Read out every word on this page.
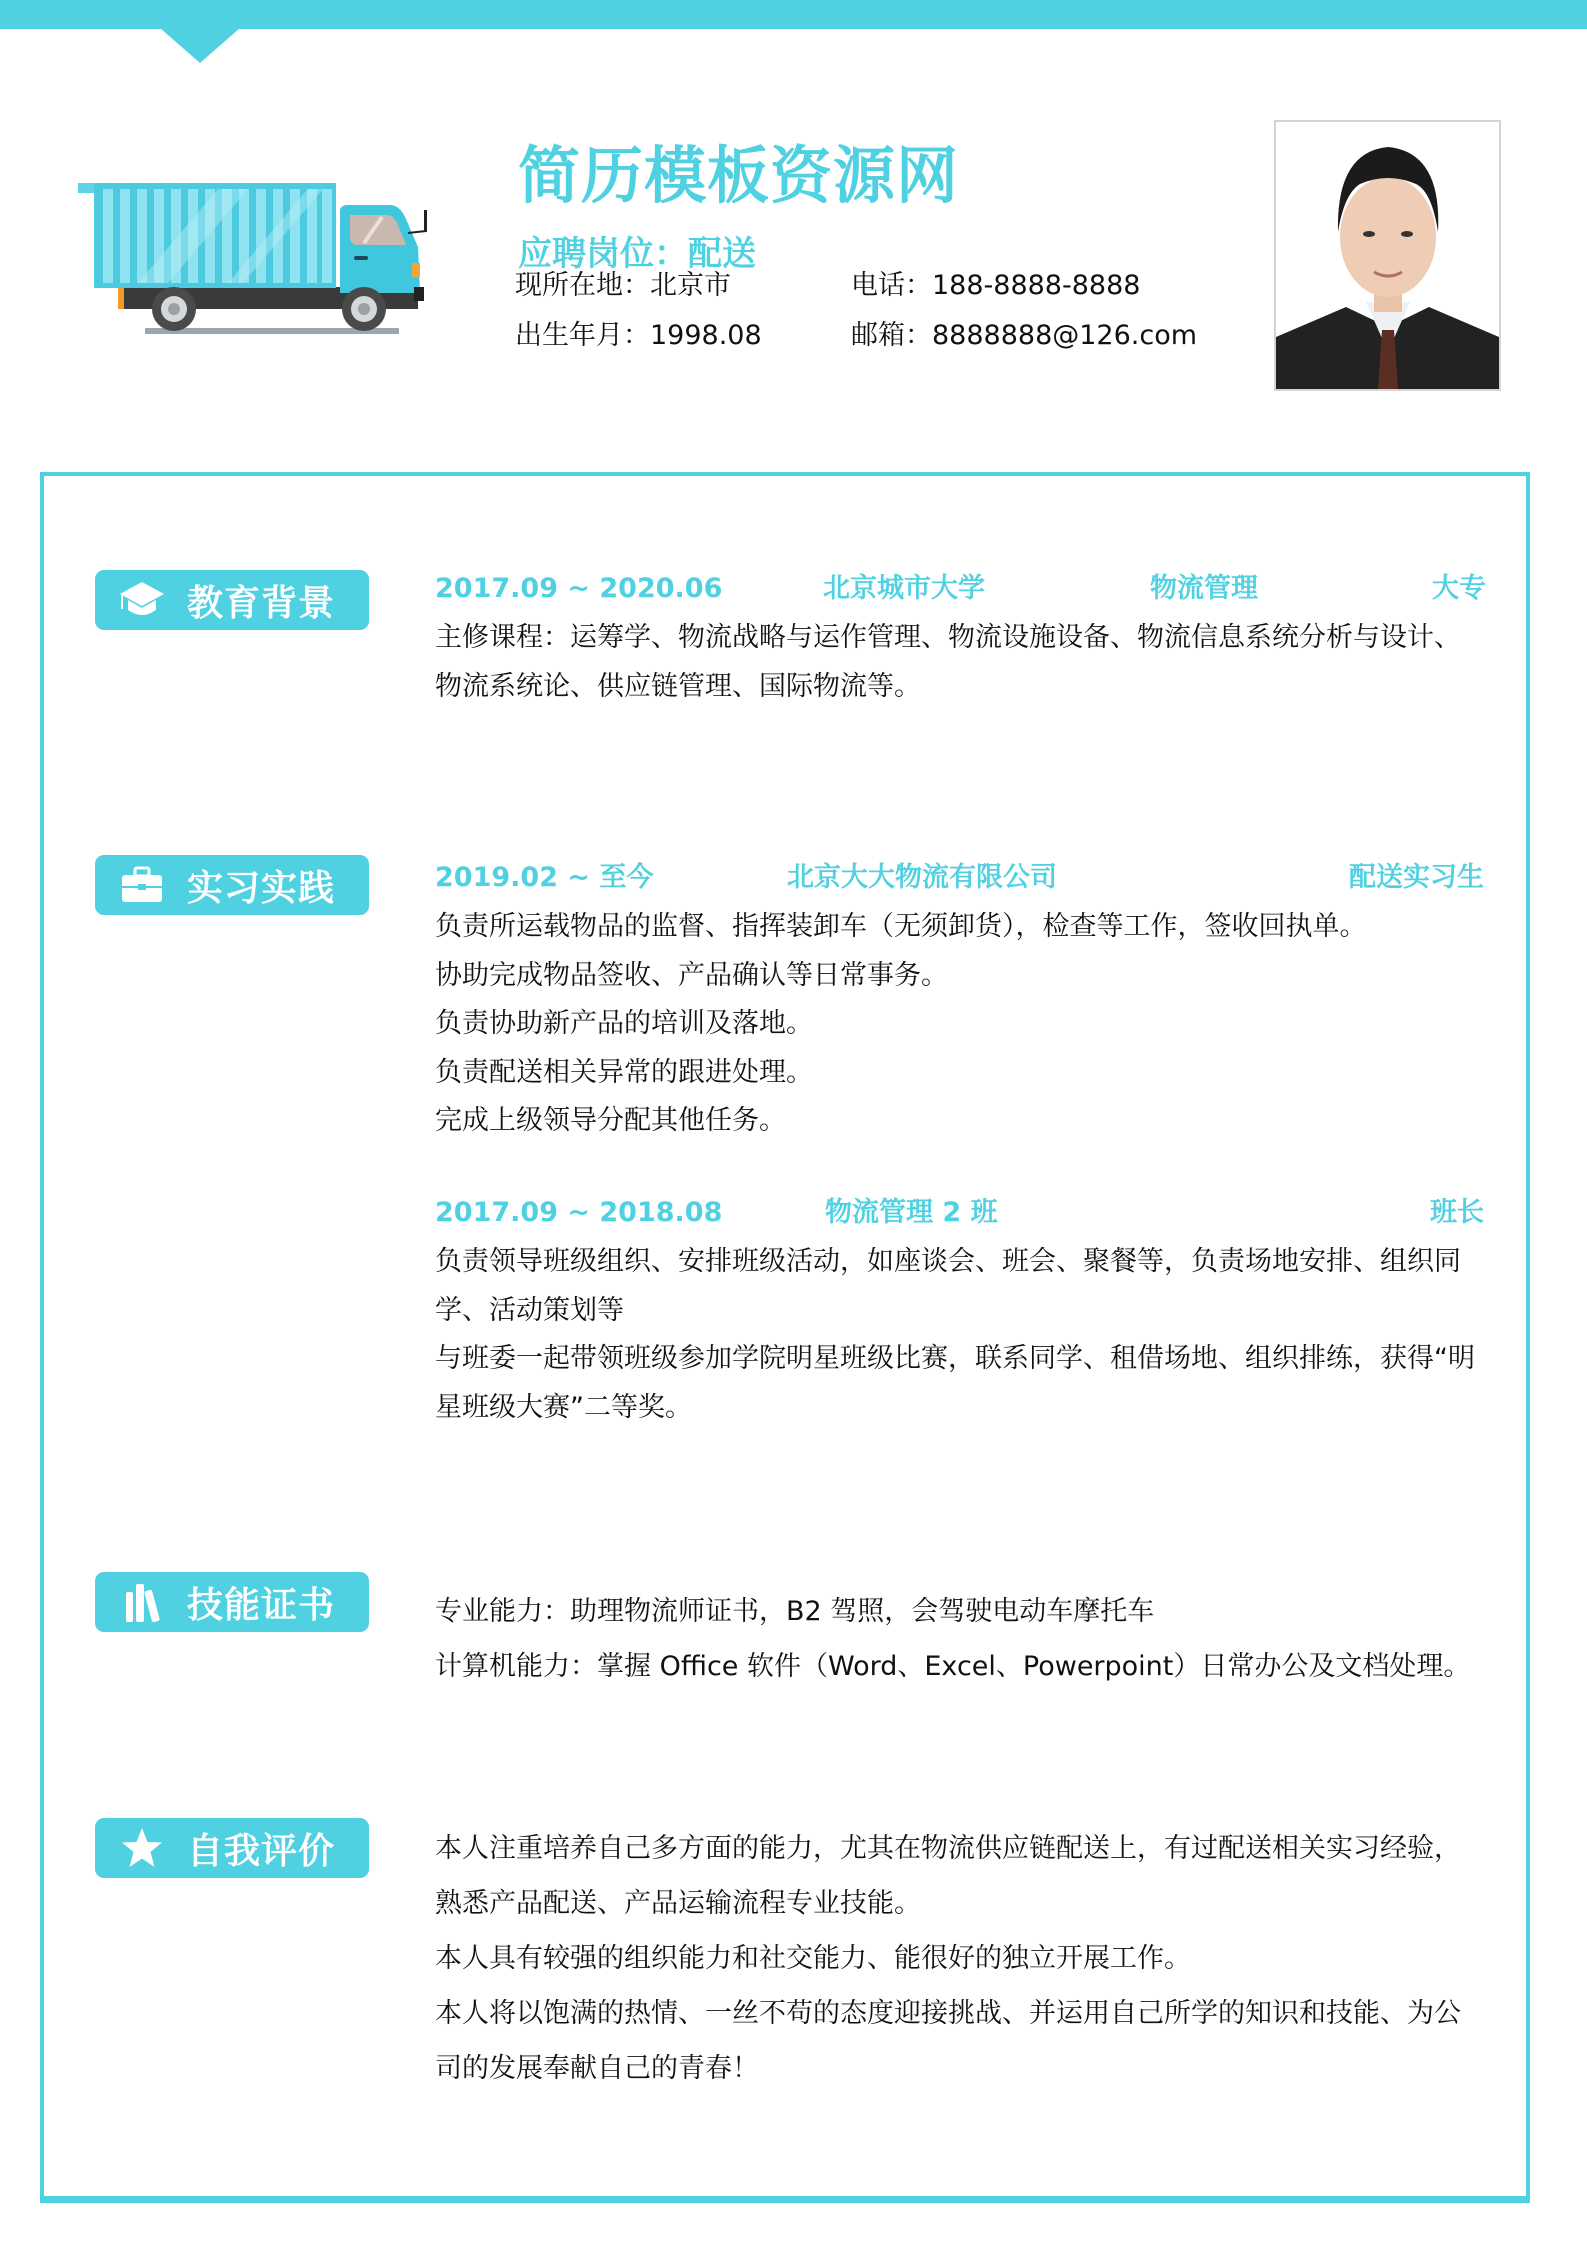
简历模板资源网
应聘岗位：配送
现所在地：北京市	电话：188-8888-8888
出生年月：1998.08	邮箱：8888888@126.com
教育背景	2017.09 ~ 2020.06	北京城市大学	物流管理	大专

主修课程：运筹学、物流战略与运作管理、物流设施设备、物流信息系统分析与设计、

物流系统论、供应链管理、国际物流等。

实习实践	2019.02 ~ 至今	北京大大物流有限公司	配送实习生

负责所运载物品的监督、指挥装卸车（无须卸货），检查等工作，签收回执单。

协助完成物品签收、产品确认等日常事务。

负责协助新产品的培训及落地。

负责配送相关异常的跟进处理。

完成上级领导分配其他任务。

2017.09 ~ 2018.08	物流管理 2 班	班长

负责领导班级组织、安排班级活动，如座谈会、班会、聚餐等，负责场地安排、组织同

学、活动策划等

与班委一起带领班级参加学院明星班级比赛，联系同学、租借场地、组织排练，获得“明

星班级大赛”二等奖。

技能证书	专业能力：助理物流师证书，B2 驾照，会驾驶电动车摩托车

计算机能力：掌握 Office 软件（Word、Excel、Powerpoint）日常办公及文档处理。

自我评价	本人注重培养自己多方面的能力，尤其在物流供应链配送上，有过配送相关实习经验，

熟悉产品配送、产品运输流程专业技能。

本人具有较强的组织能力和社交能力、能很好的独立开展工作。

本人将以饱满的热情、一丝不苟的态度迎接挑战、并运用自己所学的知识和技能、为公

司的发展奉献自己的青春！
